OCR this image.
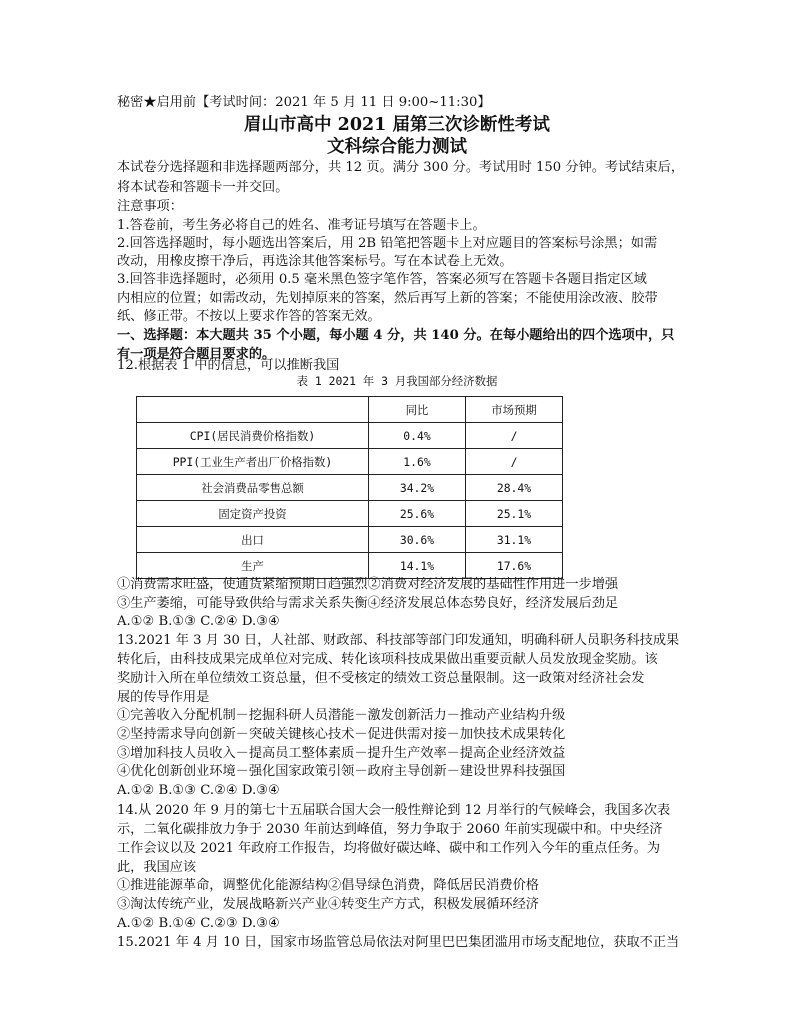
秘密★启用前【考试时间：2021 年 5 月 11 日 9:00~11:30】
眉山市高中 2021 届第三次诊断性考试
文科综合能力测试
本试卷分选择题和非选择题两部分，共 12 页。满分 300 分。考试用时 150 分钟。考试结束后，
将本试卷和答题卡一并交回。
注意事项：
1.答卷前，考生务必将自己的姓名、准考证号填写在答题卡上。
2.回答选择题时，每小题选出答案后，用 2B 铅笔把答题卡上对应题目的答案标号涂黑；如需
改动，用橡皮擦干净后，再选涂其他答案标号。写在本试卷上无效。
3.回答非选择题时，必须用 0.5 毫米黑色签字笔作答，答案必须写在答题卡各题目指定区域
内相应的位置；如需改动，先划掉原来的答案，然后再写上新的答案；不能使用涂改液、胶带
纸、修正带。不按以上要求作答的答案无效。
一、选择题：本大题共 35 个小题，每小题 4 分，共 140 分。在每小题给出的四个选项中，只
有一项是符合题目要求的。
12.根据表 1 中的信息，可以推断我国
表 1 2021 年 3 月我国部分经济数据
	同比	市场预期
CPI(居民消费价格指数)	0.4%	/
PPI(工业生产者出厂价格指数)	1.6%	/
社会消费品零售总额	34.2%	28.4%
固定资产投资	25.6%	25.1%
出口	30.6%	31.1%
生产	14.1%	17.6%
①消费需求旺盛，使通货紧缩预期日趋强烈②消费对经济发展的基础性作用进一步增强
③生产萎缩，可能导致供给与需求关系失衡④经济发展总体态势良好，经济发展后劲足
A.①② B.①③ C.②④ D.③④
13.2021 年 3 月 30 日，人社部、财政部、科技部等部门印发通知，明确科研人员职务科技成果
转化后，由科技成果完成单位对完成、转化该项科技成果做出重要贡献人员发放现金奖励。该
奖励计入所在单位绩效工资总量，但不受核定的绩效工资总量限制。这一政策对经济社会发
展的传导作用是
①完善收入分配机制－挖掘科研人员潜能－激发创新活力－推动产业结构升级
②坚持需求导向创新－突破关键核心技术－促进供需对接－加快技术成果转化
③增加科技人员收入－提高员工整体素质－提升生产效率－提高企业经济效益
④优化创新创业环境－强化国家政策引领－政府主导创新－建设世界科技强国
A.①② B.①③ C.②④ D.③④
14.从 2020 年 9 月的第七十五届联合国大会一般性辩论到 12 月举行的气候峰会，我国多次表
示，二氧化碳排放力争于 2030 年前达到峰值，努力争取于 2060 年前实现碳中和。中央经济
工作会议以及 2021 年政府工作报告，均将做好碳达峰、碳中和工作列入今年的重点任务。为
此，我国应该
①推进能源革命，调整优化能源结构②倡导绿色消费，降低居民消费价格
③淘汰传统产业，发展战略新兴产业④转变生产方式，积极发展循环经济
A.①② B.①④ C.②③ D.③④
15.2021 年 4 月 10 日，国家市场监管总局依法对阿里巴巴集团滥用市场支配地位，获取不正当
